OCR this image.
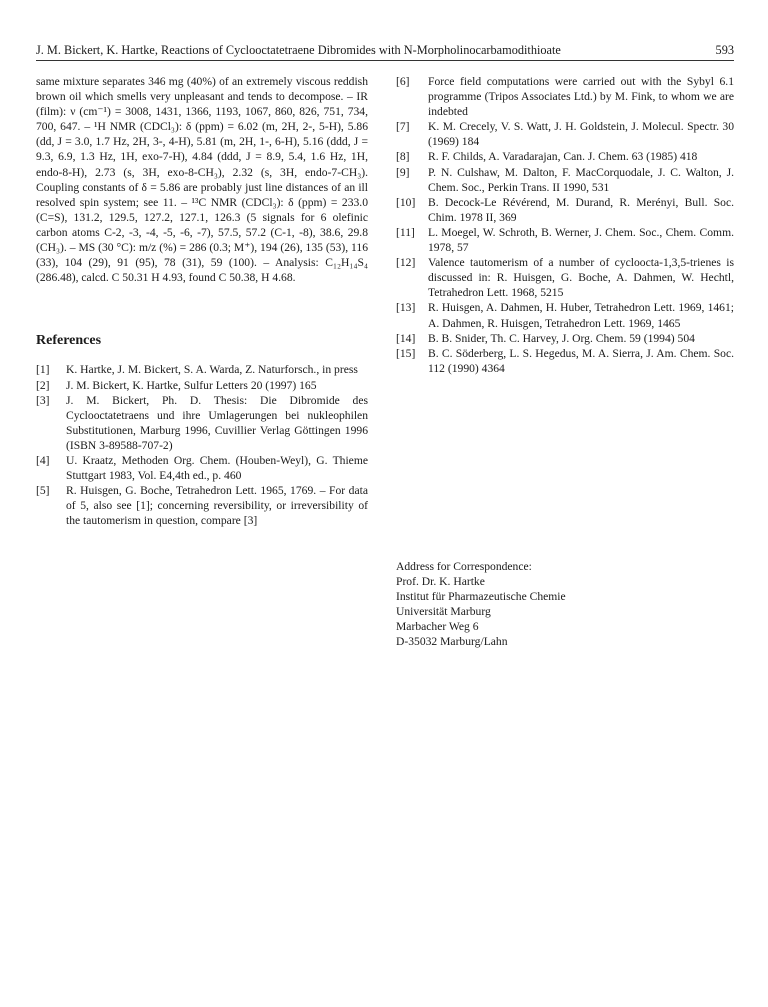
J. M. Bickert, K. Hartke, Reactions of Cyclooctatetraene Dibromides with N-Morpholinocarbamodithioate	593

same mixture separates 346 mg (40%) of an extremely viscous reddish brown oil which smells very unpleasant and tends to decompose. – IR (film): ν (cm⁻¹) = 3008, 1431, 1366, 1193, 1067, 860, 826, 751, 734, 700, 647. – ¹H NMR (CDCl₃): δ (ppm) = 6.02 (m, 2H, 2-, 5-H), 5.86 (dd, J = 3.0, 1.7 Hz, 2H, 3-, 4-H), 5.81 (m, 2H, 1-, 6-H), 5.16 (ddd, J = 9.3, 6.9, 1.3 Hz, 1H, exo-7-H), 4.84 (ddd, J = 8.9, 5.4, 1.6 Hz, 1H, endo-8-H), 2.73 (s, 3H, exo-8-CH₃), 2.32 (s, 3H, endo-7-CH₃). Coupling constants of δ = 5.86 are probably just line distances of an ill resolved spin system; see 11. – ¹³C NMR (CDCl₃): δ (ppm) = 233.0 (C=S), 131.2, 129.5, 127.2, 127.1, 126.3 (5 signals for 6 olefinic carbon atoms C-2, -3, -4, -5, -6, -7), 57.5, 57.2 (C-1, -8), 38.6, 29.8 (CH₃). – MS (30 °C): m/z (%) = 286 (0.3; M⁺), 194 (26), 135 (53), 116 (33), 104 (29), 91 (95), 78 (31), 59 (100). – Analysis: C₁₂H₁₄S₄ (286.48), calcd. C 50.31 H 4.93, found C 50.38, H 4.68.

References
[1]	K. Hartke, J. M. Bickert, S. A. Warda, Z. Naturforsch., in press
[2]	J. M. Bickert, K. Hartke, Sulfur Letters 20 (1997) 165
[3]	J. M. Bickert, Ph. D. Thesis: Die Dibromide des Cyclooctatetraens und ihre Umlagerungen bei nukleophilen Substitutionen, Marburg 1996, Cuvillier Verlag Göttingen 1996 (ISBN 3-89588-707-2)
[4]	U. Kraatz, Methoden Org. Chem. (Houben-Weyl), G. Thieme Stuttgart 1983, Vol. E4,4th ed., p. 460
[5]	R. Huisgen, G. Boche, Tetrahedron Lett. 1965, 1769. – For data of 5, also see [1]; concerning reversibility, or irreversibility of the tautomerism in question, compare [3]
[6]	Force field computations were carried out with the Sybyl 6.1 programme (Tripos Associates Ltd.) by M. Fink, to whom we are indebted
[7]	K. M. Crecely, V. S. Watt, J. H. Goldstein, J. Molecul. Spectr. 30 (1969) 184
[8]	R. F. Childs, A. Varadarajan, Can. J. Chem. 63 (1985) 418
[9]	P. N. Culshaw, M. Dalton, F. MacCorquodale, J. C. Walton, J. Chem. Soc., Perkin Trans. II 1990, 531
[10]	B. Decock-Le Révérend, M. Durand, R. Merényi, Bull. Soc. Chim. 1978 II, 369
[11]	L. Moegel, W. Schroth, B. Werner, J. Chem. Soc., Chem. Comm. 1978, 57
[12]	Valence tautomerism of a number of cycloocta-1,3,5-trienes is discussed in: R. Huisgen, G. Boche, A. Dahmen, W. Hechtl, Tetrahedron Lett. 1968, 5215
[13]	R. Huisgen, A. Dahmen, H. Huber, Tetrahedron Lett. 1969, 1461; A. Dahmen, R. Huisgen, Tetrahedron Lett. 1969, 1465
[14]	B. B. Snider, Th. C. Harvey, J. Org. Chem. 59 (1994) 504
[15]	B. C. Söderberg, L. S. Hegedus, M. A. Sierra, J. Am. Chem. Soc. 112 (1990) 4364
Address for Correspondence:
Prof. Dr. K. Hartke
Institut für Pharmazeutische Chemie
Universität Marburg
Marbacher Weg 6
D-35032 Marburg/Lahn
